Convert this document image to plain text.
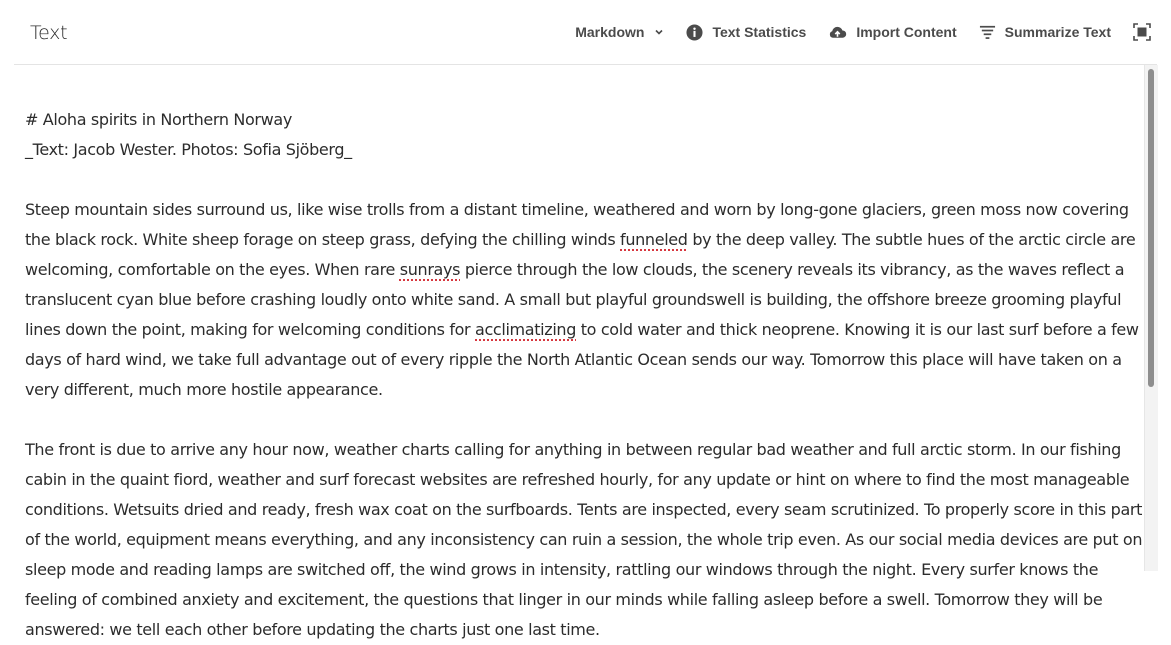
Text	Markdown	Text Statistics	Import Content	Summarize Text

# Aloha spirits in Northern Norway

_Text: Jacob Wester. Photos: Sofia Sjöberg_

Steep mountain sides surround us, like wise trolls from a distant timeline, weathered and worn by long-gone glaciers, green moss now covering the black rock. White sheep forage on steep grass, defying the chilling winds funneled by the deep valley. The subtle hues of the arctic circle are welcoming, comfortable on the eyes. When rare sunrays pierce through the low clouds, the scenery reveals its vibrancy, as the waves reflect a translucent cyan blue before crashing loudly onto white sand. A small but playful groundswell is building, the offshore breeze grooming playful lines down the point, making for welcoming conditions for acclimatizing to cold water and thick neoprene. Knowing it is our last surf before a few days of hard wind, we take full advantage out of every ripple the North Atlantic Ocean sends our way. Tomorrow this place will have taken on a very different, much more hostile appearance.

The front is due to arrive any hour now, weather charts calling for anything in between regular bad weather and full arctic storm. In our fishing cabin in the quaint fiord, weather and surf forecast websites are refreshed hourly, for any update or hint on where to find the most manageable conditions. Wetsuits dried and ready, fresh wax coat on the surfboards. Tents are inspected, every seam scrutinized. To properly score in this part of the world, equipment means everything, and any inconsistency can ruin a session, the whole trip even. As our social media devices are put on sleep mode and reading lamps are switched off, the wind grows in intensity, rattling our windows through the night. Every surfer knows the feeling of combined anxiety and excitement, the questions that linger in our minds while falling asleep before a swell. Tomorrow they will be answered: we tell each other before updating the charts just one last time.
